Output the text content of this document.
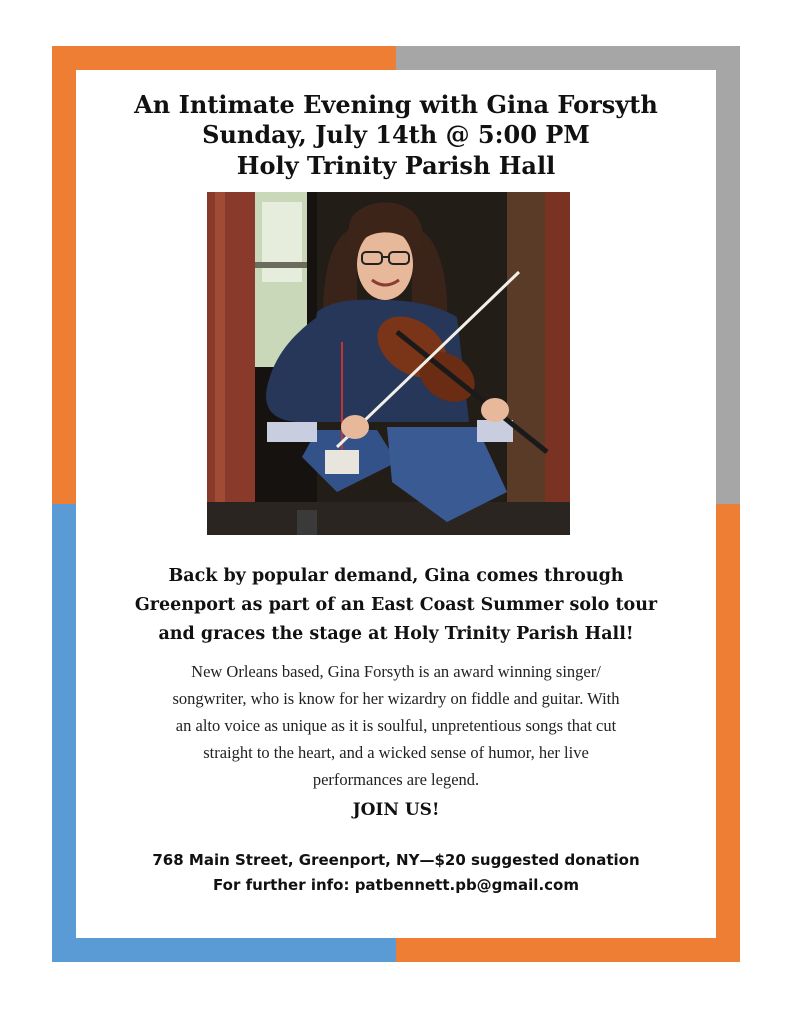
An Intimate Evening with Gina Forsyth
Sunday, July 14th @ 5:00 PM
Holy Trinity Parish Hall
Back by popular demand, Gina comes through
Greenport as part of an East Coast Summer solo tour
and graces the stage at Holy Trinity Parish Hall!
New Orleans based, Gina Forsyth is an award winning singer/
songwriter, who is know for her wizardry on fiddle and guitar. With
an alto voice as unique as it is soulful, unpretentious songs that cut
straight to the heart, and a wicked sense of humor, her live
performances are legend.
JOIN US!
768 Main Street, Greenport, NY—$20 suggested donation
For further info: patbennett.pb@gmail.com
